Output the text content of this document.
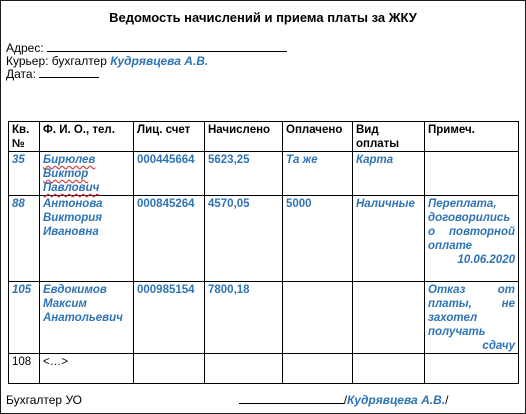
Ведомость начислений и приема платы за ЖКУ
Адрес:
Курьер: бухгалтер Кудрявцева А.В.
Дата:
Кв. №	Ф. И. О., тел.	Лиц. счет	Начислено	Оплачено	Вид оплаты	Примеч.
35	Бирюлев Виктор Павлович	000445664	5623,25	Та же	Карта	
88	Антонова Виктория Ивановна	000845264	4570,05	5000	Наличные	Переплата, договорились о повторной оплате 10.06.2020
105	Евдокимов Максим Анатольевич	000985154	7800,18			Отказ от платы, не захотел получать сдачу
108	<…>					
Бухгалтер УО	/Кудрявцева А.В./
